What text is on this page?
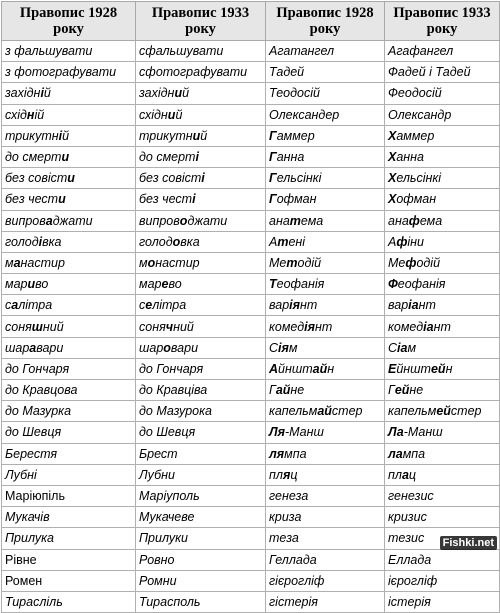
Правопис 1928 року	Правопис 1933 року	Правопис 1928 року	Правопис 1933 року
з фальшувати	сфальшувати	Агатангел	Агафангел
з фотографувати	сфотографувати	Тадей	Фадей і Тадей
західній	західний	Теодосій	Феодосій
східній	східний	Олександер	Олександр
трикутній	трикутний	Гаммер	Хаммер
до смерти	до смерті	Ганна	Ханна
без совісти	без совісті	Гельсінкі	Хельсінкі
без чести	без честі	Гофман	Хофман
випроваджати	випроводжати	анатема	анафема
голодівка	голодовка	Атені	Афіни
манастир	монастир	Методій	Мефодій
мариво	марево	Теофанія	Феофанія
салітра	селітра	варіянт	варіант
соняшний	сонячний	комедіянт	комедіант
шаравари	шаровари	Сіям	Сіам
до Гончаря	до Гончаря	Айнштайн	Ейнштейн
до Кравцова	до Кравціва	Гайне	Гейне
до Мазурка	до Мазурока	капельмайстер	капельмейстер
до Шевця	до Шевця	Ля-Манш	Ла-Манш
Берестя	Брест	лямпа	лампа
Лубні	Лубни	пляц	плац
Маріюпіль	Маріуполь	генеза	генезис
Мукачів	Мукачеве	криза	кризис
Прилука	Прилуки	теза	тезис
Рівне	Ровно	Геллада	Еллада
Ромен	Ромни	гієрогліф	ієрогліф
Тирасліль	Тирасполь	гістерія	істерія
Fishki.net
